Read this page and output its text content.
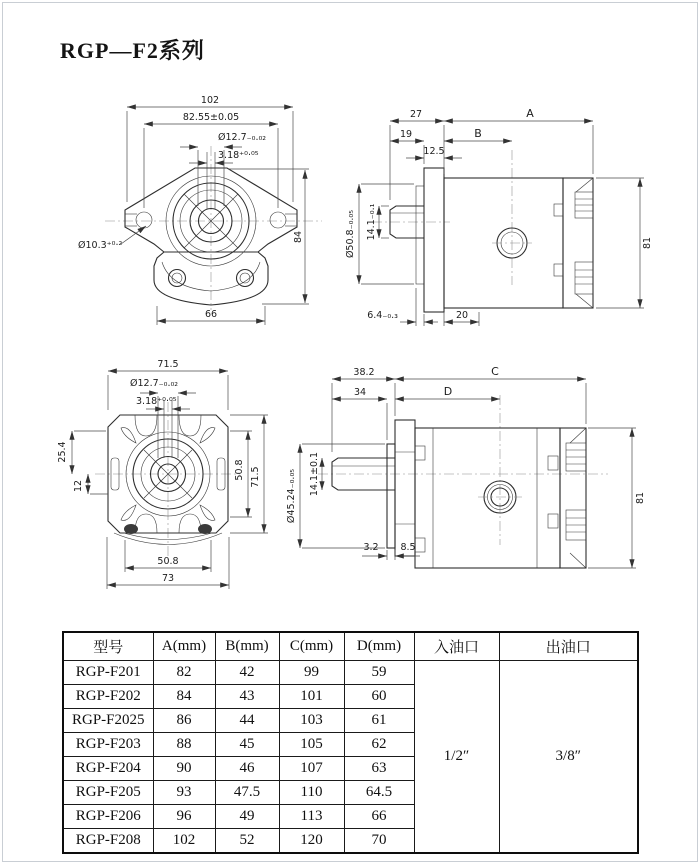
RGP—F2系列
102
82.55±0.05
Ø12.7₋₀.₀₂
3.18⁺⁰·⁰⁵
84
66
Ø10.3⁺⁰·²
27	A
19	B
12.5
Ø50.8₋₀.₀₅ 14.1₋₀.₁
6.4₋₀.₃	20
81
71.5
Ø12.7₋₀.₀₂
3.18⁺⁰·⁰⁵
25.4
12
50.8 71.5
50.8
73
38.2	C
34	D
Ø45.24₋₀.₀₅ 14.1±0.1
3.2 8.5
81
型号	A(mm)	B(mm)	C(mm)	D(mm)	入油口	出油口
RGP-F201	82	42	99	59	1/2″	3/8″
RGP-F202	84	43	101	60		
RGP-F2025	86	44	103	61		
RGP-F203	88	45	105	62		
RGP-F204	90	46	107	63		
RGP-F205	93	47.5	110	64.5		
RGP-F206	96	49	113	66		
RGP-F208	102	52	120	70		
